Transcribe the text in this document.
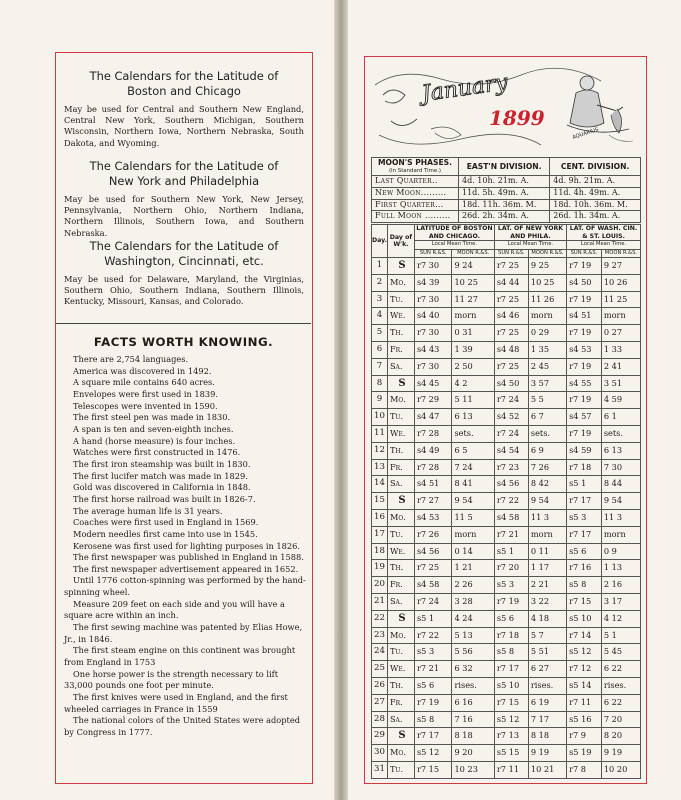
The Calendars for the Latitude of
Boston and Chicago
May be used for Central and Southern New England, Central New York, Southern Michigan, Southern Wisconsin, Northern Iowa, Northern Nebraska, South Dakota, and Wyoming.
The Calendars for the Latitude of
New York and Philadelphia
May be used for Southern New York, New Jersey, Pennsylvania, Northern Ohio, Northern Indiana, Northern Illinois, Southern Iowa, and Southern Nebraska.
The Calendars for the Latitude of
Washington, Cincinnati, etc.
May be used for Delaware, Maryland, the Virginias, Southern Ohio, Southern Indiana, Southern Illinois, Kentucky, Missouri, Kansas, and Colorado.
FACTS WORTH KNOWING.
There are 2,754 languages.
America was discovered in 1492.
A square mile contains 640 acres.
Envelopes were first used in 1839.
Telescopes were invented in 1590.
The first steel pen was made in 1830.
A span is ten and seven-eighth inches.
A hand (horse measure) is four inches.
Watches were first constructed in 1476.
The first iron steamship was built in 1830.
The first lucifer match was made in 1829.
Gold was discovered in California in 1848.
The first horse railroad was built in 1826-7.
The average human life is 31 years.
Coaches were first used in England in 1569.
Modern needles first came into use in 1545.
Kerosene was first used for lighting purposes in 1826.
The first newspaper was published in England in 1588.
The first newspaper advertisement appeared in 1652.
Until 1776 cotton-spinning was performed by the hand-spinning wheel.
Measure 209 feet on each side and you will have a square acre within an inch.
The first sewing machine was patented by Elias Howe, Jr., in 1846.
The first steam engine on this continent was brought from England in 1753
One horse power is the strength necessary to lift 33,000 pounds one foot per minute.
The first knives were used in England, and the first wheeled carriages in France in 1559
The national colors of the United States were adopted by Congress in 1777.
January
1899
AQUARIUS
MOON'S PHASES.
(In Standard Time.)	EAST'N DIVISION.	CENT. DIVISION.
Last Quarter..	4d. 10h. 21m. A.	4d. 9h. 21m. A.
New Moon.........	11d. 5h. 49m. A.	11d. 4h. 49m. A.
First Quarter...	18d. 11h. 36m. M.	18d. 10h. 36m. M.
Full Moon .........	26d. 2h. 34m. A.	26d. 1h. 34m. A.
Day.	Day of W'k.	LATITUDE OF BOSTON AND CHICAGO.		LAT. OF NEW YORK AND PHILA.		LAT. OF WASH. CIN. & ST. LOUIS.	
		Local Mean Time.		Local Mean Time.		Local Mean Time.	
		SUN R.&S.	MOON R.&S.	SUN R.&S.	MOON R.&S.	SUN R.&S.	MOON R.&S.
1	S	r7 30	9 24	r7 25	9 25	r7 19	9 27
2	Mo.	s4 39	10 25	s4 44	10 25	s4 50	10 26
3	Tu.	r7 30	11 27	r7 25	11 26	r7 19	11 25
4	We.	s4 40	morn	s4 46	morn	s4 51	morn
5	Th.	r7 30	0 31	r7 25	0 29	r7 19	0 27
6	Fr.	s4 43	1 39	s4 48	1 35	s4 53	1 33
7	Sa.	r7 30	2 50	r7 25	2 45	r7 19	2 41
8	S	s4 45	4 2	s4 50	3 57	s4 55	3 51
9	Mo.	r7 29	5 11	r7 24	5 5	r7 19	4 59
10	Tu.	s4 47	6 13	s4 52	6 7	s4 57	6 1
11	We.	r7 28	sets.	r7 24	sets.	r7 19	sets.
12	Th.	s4 49	6 5	s4 54	6 9	s4 59	6 13
13	Fr.	r7 28	7 24	r7 23	7 26	r7 18	7 30
14	Sa.	s4 51	8 41	s4 56	8 42	s5 1	8 44
15	S	r7 27	9 54	r7 22	9 54	r7 17	9 54
16	Mo.	s4 53	11 5	s4 58	11 3	s5 3	11 3
17	Tu.	r7 26	morn	r7 21	morn	r7 17	morn
18	We.	s4 56	0 14	s5 1	0 11	s5 6	0 9
19	Th.	r7 25	1 21	r7 20	1 17	r7 16	1 13
20	Fr.	s4 58	2 26	s5 3	2 21	s5 8	2 16
21	Sa.	r7 24	3 28	r7 19	3 22	r7 15	3 17
22	S	s5 1	4 24	s5 6	4 18	s5 10	4 12
23	Mo.	r7 22	5 13	r7 18	5 7	r7 14	5 1
24	Tu.	s5 3	5 56	s5 8	5 51	s5 12	5 45
25	We.	r7 21	6 32	r7 17	6 27	r7 12	6 22
26	Th.	s5 6	rises.	s5 10	rises.	s5 14	rises.
27	Fr.	r7 19	6 16	r7 15	6 19	r7 11	6 22
28	Sa.	s5 8	7 16	s5 12	7 17	s5 16	7 20
29	S	r7 17	8 18	r7 13	8 18	r7 9	8 20
30	Mo.	s5 12	9 20	s5 15	9 19	s5 19	9 19
31	Tu.	r7 15	10 23	r7 11	10 21	r7 8	10 20
